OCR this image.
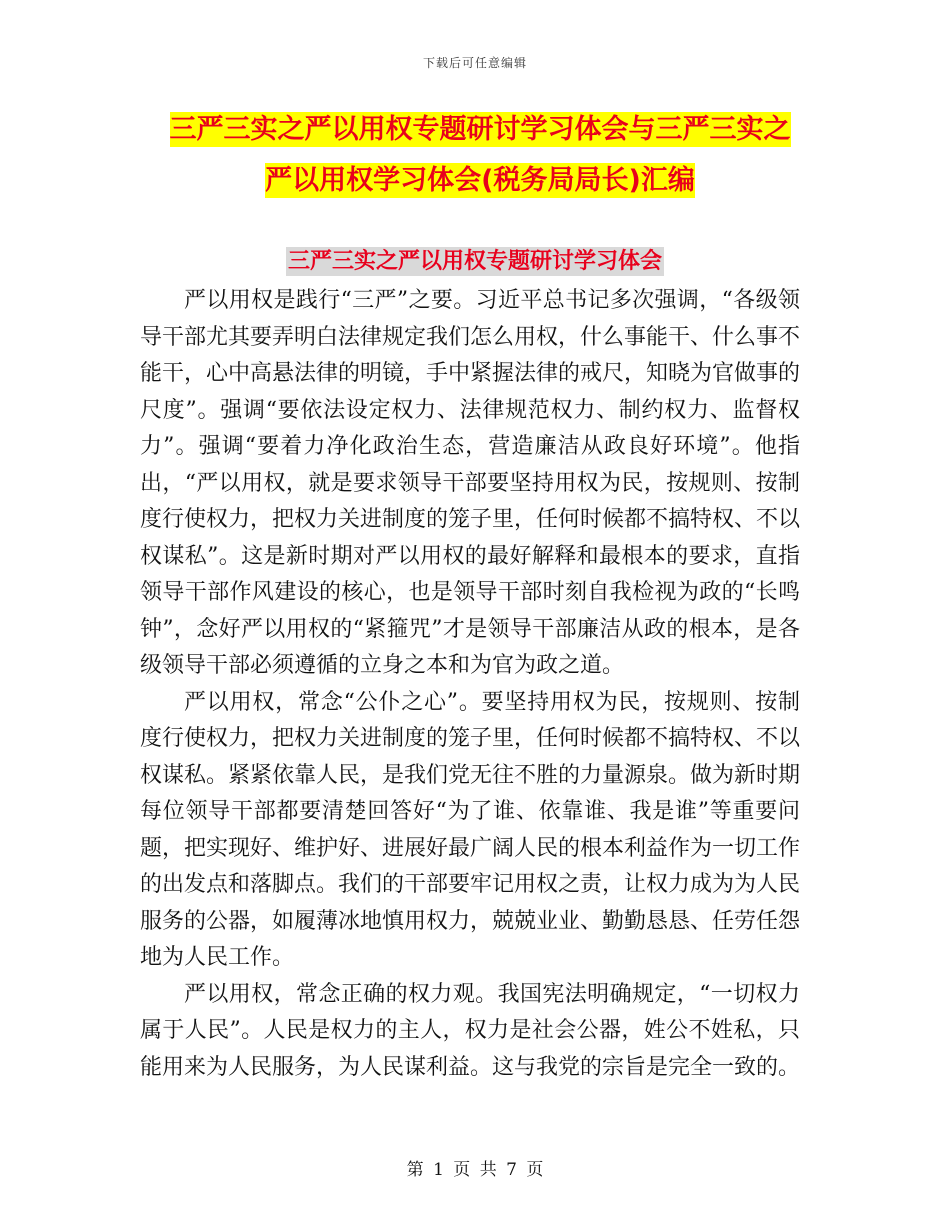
下载后可任意编辑
三严三实之严以用权专题研讨学习体会与三严三实之
严以用权学习体会(税务局局长)汇编
三严三实之严以用权专题研讨学习体会

严以用权是践行“三严”之要。习近平总书记多次强调，“各级领导干部尤其要弄明白法律规定我们怎么用权，什么事能干、什么事不能干，心中高悬法律的明镜，手中紧握法律的戒尺，知晓为官做事的尺度”。强调“要依法设定权力、法律规范权力、制约权力、监督权力”。强调“要着力净化政治生态，营造廉洁从政良好环境”。他指出，“严以用权，就是要求领导干部要坚持用权为民，按规则、按制度行使权力，把权力关进制度的笼子里，任何时候都不搞特权、不以权谋私”。这是新时期对严以用权的最好解释和最根本的要求，直指领导干部作风建设的核心，也是领导干部时刻自我检视为政的“长鸣钟”，念好严以用权的“紧箍咒”才是领导干部廉洁从政的根本，是各级领导干部必须遵循的立身之本和为官为政之道。

严以用权，常念“公仆之心”。要坚持用权为民，按规则、按制度行使权力，把权力关进制度的笼子里，任何时候都不搞特权、不以权谋私。紧紧依靠人民，是我们党无往不胜的力量源泉。做为新时期每位领导干部都要清楚回答好“为了谁、依靠谁、我是谁”等重要问题，把实现好、维护好、进展好最广阔人民的根本利益作为一切工作的出发点和落脚点。我们的干部要牢记用权之责，让权力成为为人民服务的公器，如履薄冰地慎用权力，兢兢业业、勤勤恳恳、任劳任怨地为人民工作。

严以用权，常念正确的权力观。我国宪法明确规定，“一切权力属于人民”。人民是权力的主人，权力是社会公器，姓公不姓私，只能用来为人民服务，为人民谋利益。这与我党的宗旨是完全一致的。

第 1 页 共 7 页
